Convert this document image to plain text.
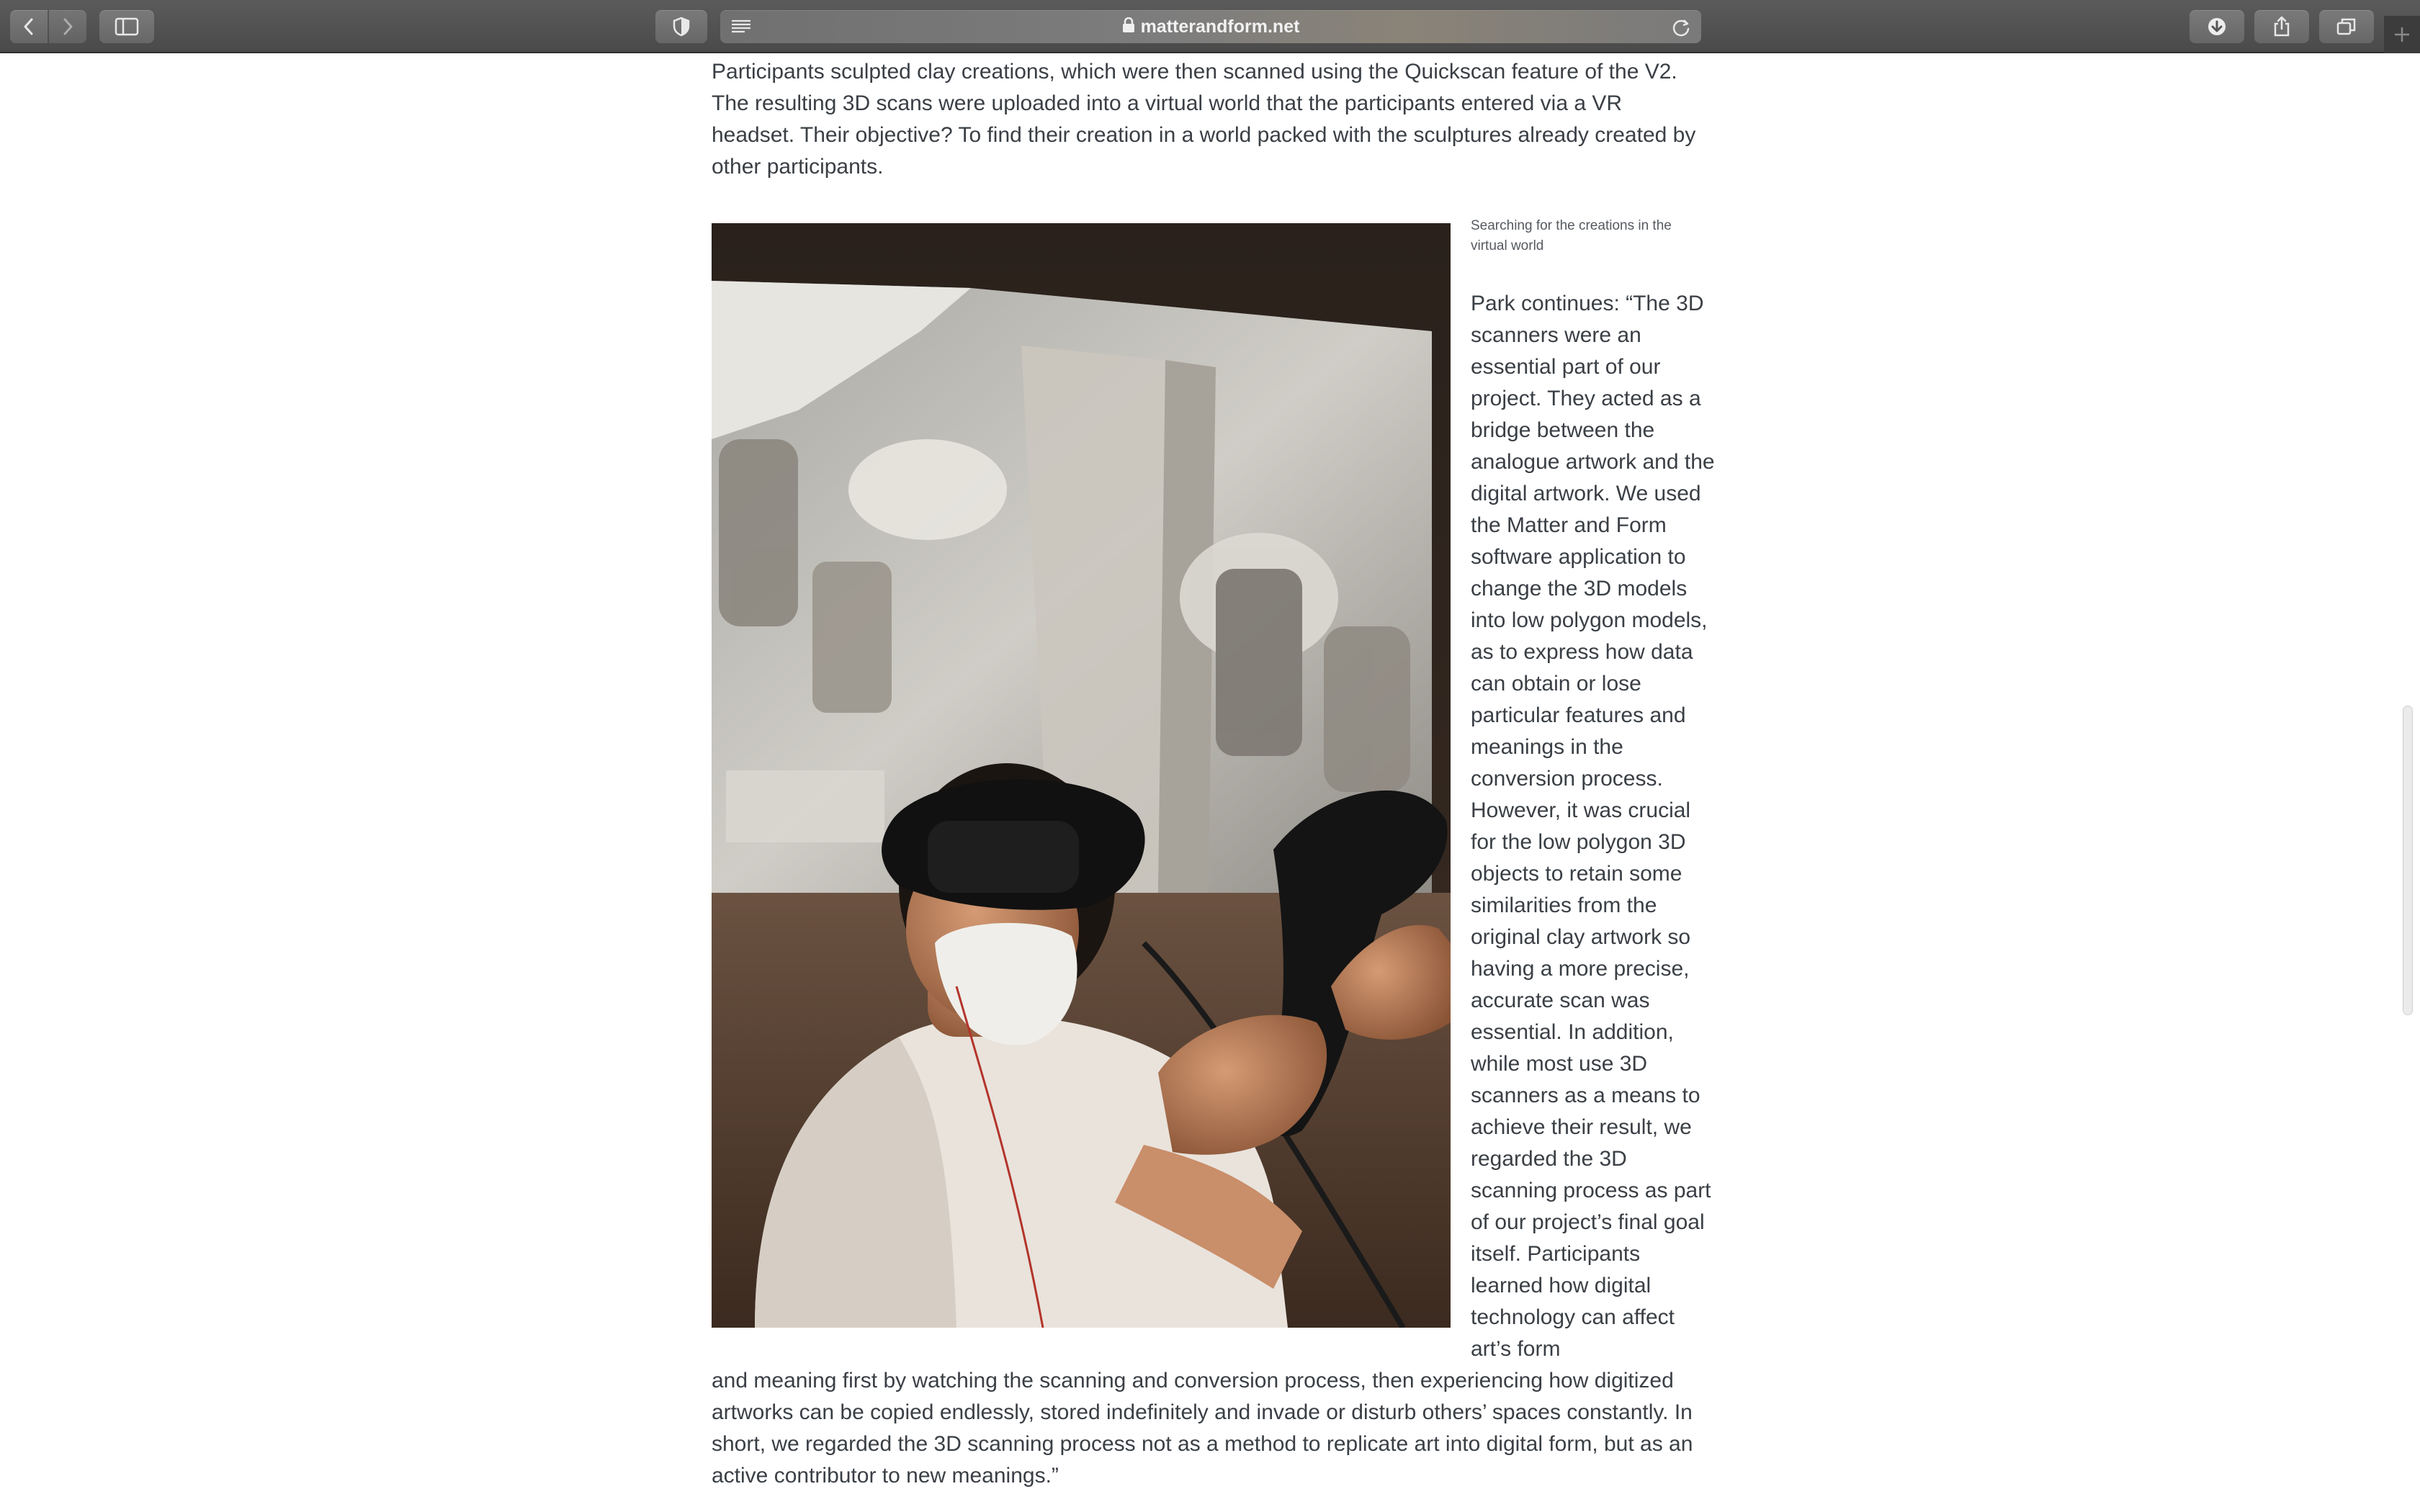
matterandform.net

Participants sculpted clay creations, which were then scanned using the Quickscan feature of the V2. The resulting 3D scans were uploaded into a virtual world that the participants entered via a VR headset. Their objective? To find their creation in a world packed with the sculptures already created by other participants.

Searching for the creations in the virtual world

Park continues: “The 3D scanners were an essential part of our project. They acted as a bridge between the analogue artwork and the digital artwork. We used the Matter and Form software application to change the 3D models into low polygon models, as to express how data can obtain or lose particular features and meanings in the conversion process. However, it was crucial for the low polygon 3D objects to retain some similarities from the original clay artwork so having a more precise, accurate scan was essential. In addition, while most use 3D scanners as a means to achieve their result, we regarded the 3D scanning process as part of our project’s final goal itself. Participants learned how digital technology can affect art’s form

and meaning first by watching the scanning and conversion process, then experiencing how digitized artworks can be copied endlessly, stored indefinitely and invade or disturb others’ spaces constantly. In short, we regarded the 3D scanning process not as a method to replicate art into digital form, but as an active contributor to new meanings.”
